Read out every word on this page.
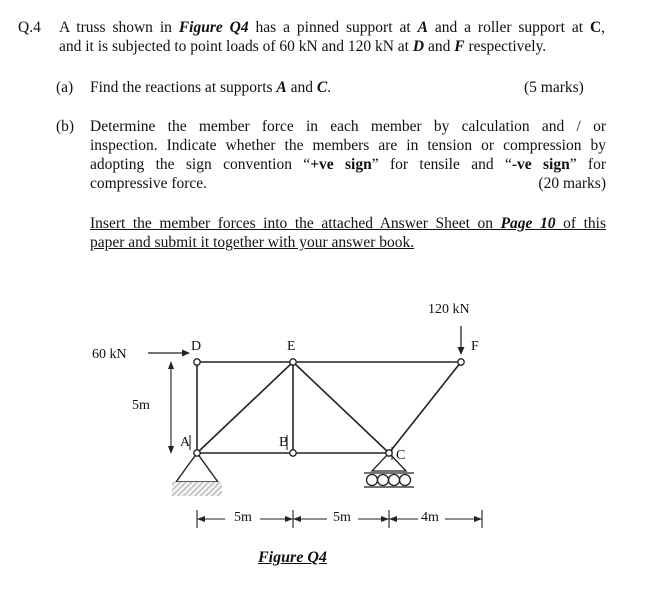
Q.4 A truss shown in Figure Q4 has a pinned support at A and a roller support at C,
and it is subjected to point loads of 60 kN and 120 kN at D and F respectively.
(a) Find the reactions at supports A and C.	(5 marks)
(b) Determine the member force in each member by calculation and / or
inspection. Indicate whether the members are in tension or compression by
adopting the sign convention “+ve sign” for tensile and “-ve sign” for
compressive force.	(20 marks)
Insert the member forces into the attached Answer Sheet on Page 10 of this
paper and submit it together with your answer book.
D	E	F
A	B
C
60 kN
120 kN
5m
5m	5m	4m
Figure Q4
